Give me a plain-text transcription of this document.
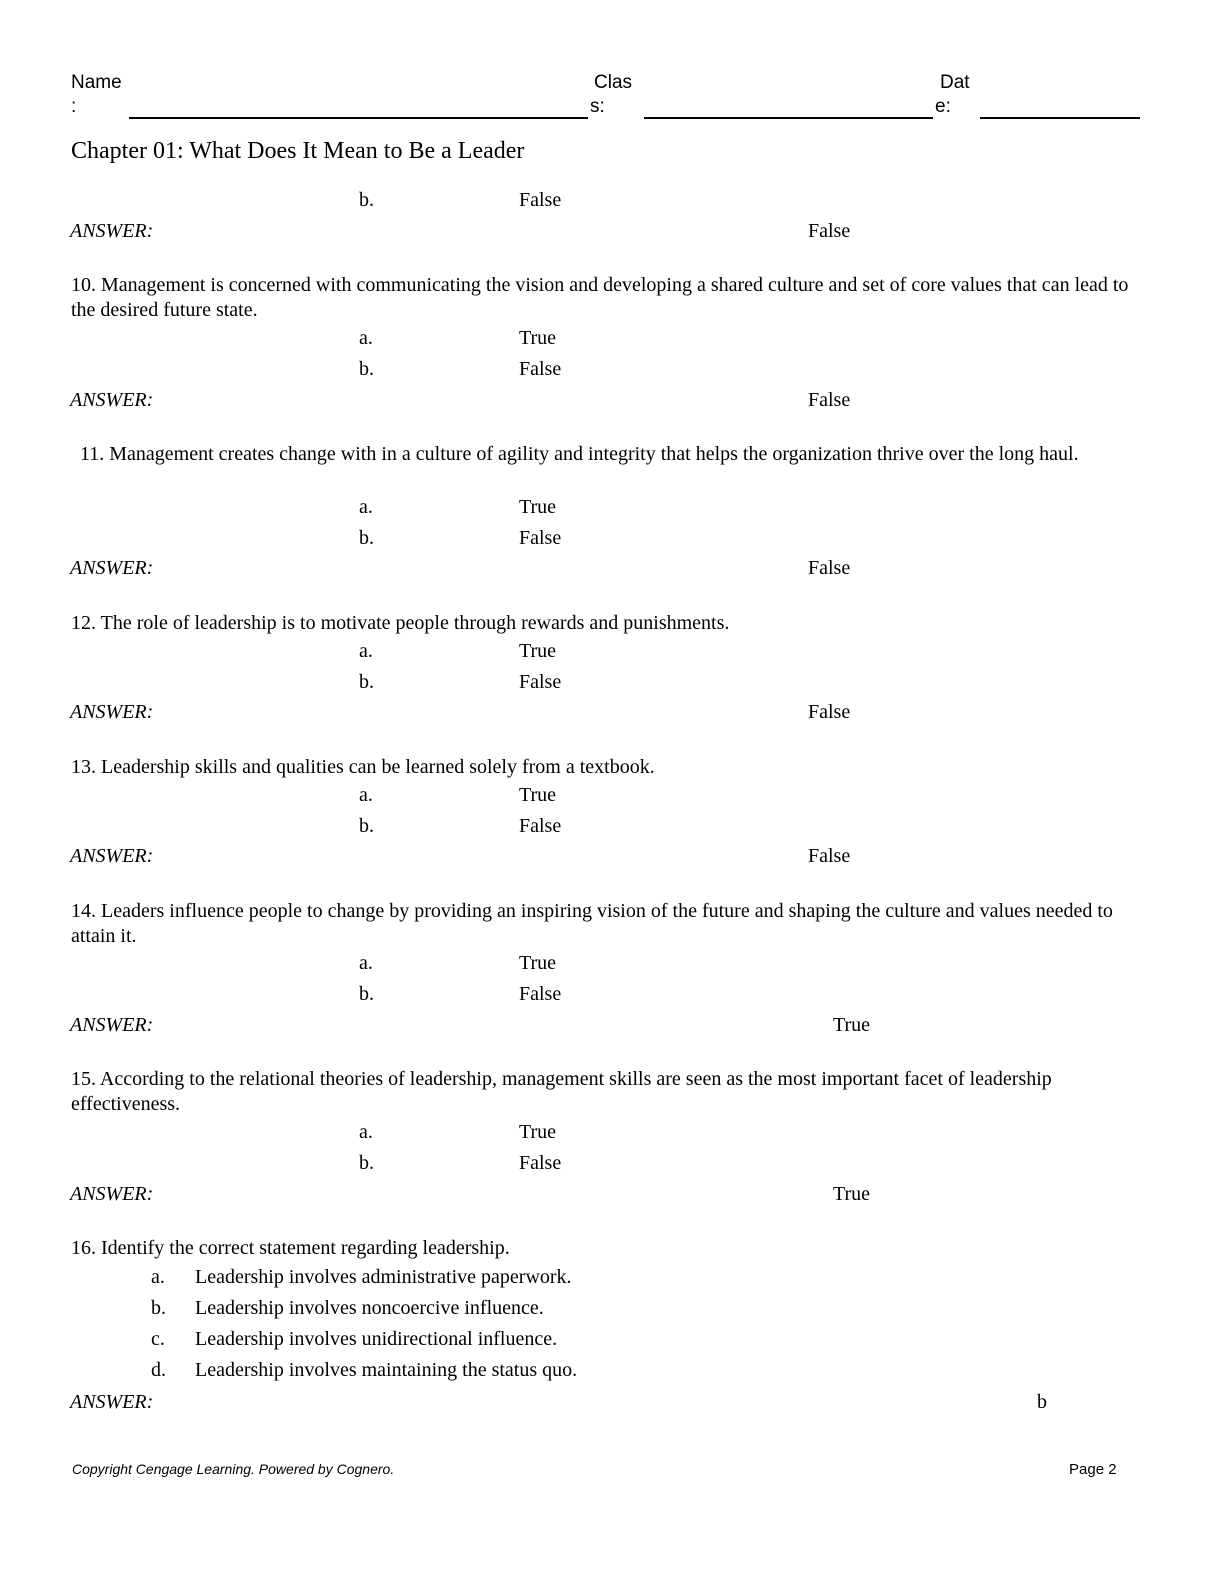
Name
:
Clas
s:
Dat
e:
Chapter 01: What Does It Mean to Be a Leader
b.	False
ANSWER:	False
10. Management is concerned with communicating the vision and developing a shared culture and set of core values that can lead to the desired future state.
a.	True
b.	False
ANSWER:	False
11. Management creates change with in a culture of agility and integrity that helps the organization thrive over the long haul.
a.	True
b.	False
ANSWER:	False
12. The role of leadership is to motivate people through rewards and punishments.
a.	True
b.	False
ANSWER:	False
13. Leadership skills and qualities can be learned solely from a textbook.
a.	True
b.	False
ANSWER:	False
14. Leaders influence people to change by providing an inspiring vision of the future and shaping the culture and values needed to attain it.
a.	True
b.	False
ANSWER:	True
15. According to the relational theories of leadership, management skills are seen as the most important facet of leadership effectiveness.
a.	True
b.	False
ANSWER:	True
16. Identify the correct statement regarding leadership.
a. Leadership involves administrative paperwork.
b. Leadership involves noncoercive influence.
c. Leadership involves unidirectional influence.
d. Leadership involves maintaining the status quo.
ANSWER:	b
Copyright Cengage Learning. Powered by Cognero.	Page 2
